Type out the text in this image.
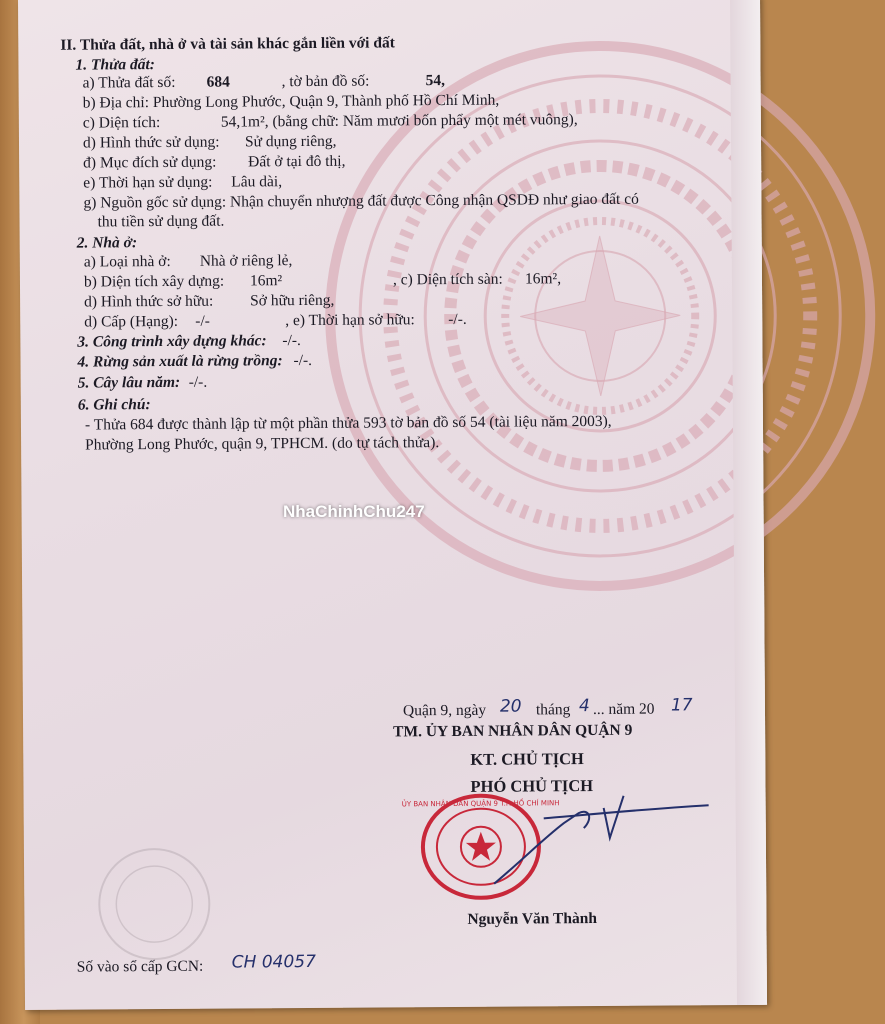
II. Thửa đất, nhà ở và tài sản khác gắn liền với đất
1. Thửa đất:
a) Thửa đất số: 684	, tờ bản đồ số:	54,
b) Địa chỉ: Phường Long Phước, Quận 9, Thành phố Hồ Chí Minh,
c) Diện tích:	54,1m², (bằng chữ: Năm mươi bốn phẩy một mét vuông),
d) Hình thức sử dụng: Sử dụng riêng,
đ) Mục đích sử dụng: Đất ở tại đô thị,
e) Thời hạn sử dụng: Lâu dài,
g) Nguồn gốc sử dụng: Nhận chuyển nhượng đất được Công nhận QSDĐ như giao đất có
thu tiền sử dụng đất.
2. Nhà ở:
a) Loại nhà ở: Nhà ở riêng lẻ,
b) Diện tích xây dựng: 16m²	, c) Diện tích sàn: 16m²,
d) Hình thức sở hữu: Sở hữu riêng,
d) Cấp (Hạng): -/-	, e) Thời hạn sở hữu: -/-.
3. Công trình xây dựng khác: -/-.
4. Rừng sản xuất là rừng trồng: -/-.
5. Cây lâu năm: -/-.
6. Ghi chú:
- Thửa 684 được thành lập từ một phần thửa 593 tờ bản đồ số 54 (tài liệu năm 2003),
Phường Long Phước, quận 9, TPHCM. (do tự tách thửa).
Quận 9, ngày 20 tháng 4 ... năm 20 17
TM. ỦY BAN NHÂN DÂN QUẬN 9
KT. CHỦ TỊCH
PHÓ CHỦ TỊCH
ỦY BAN NHÂN DÂN QUẬN 9 T.P. HỒ CHÍ MINH
Nguyễn Văn Thành
Số vào sổ cấp GCN: CH 04057
NhaChinhChu247
